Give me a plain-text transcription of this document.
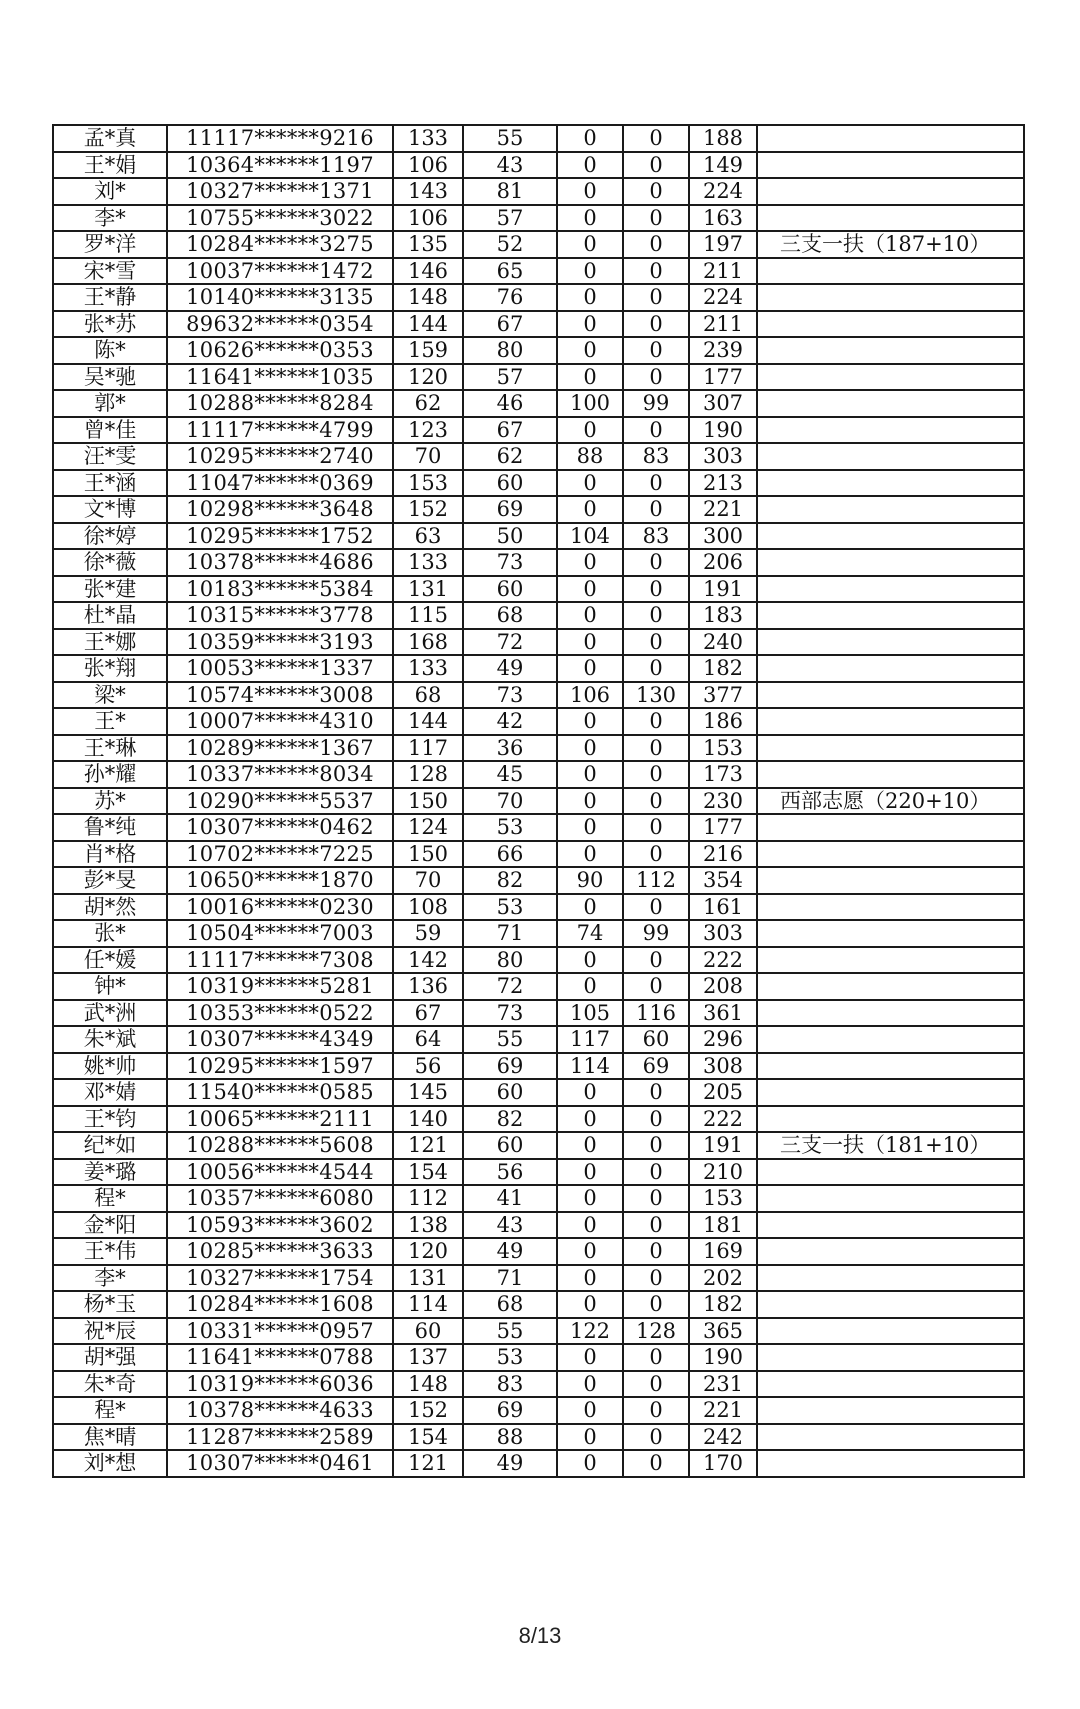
孟*真	11117******9216	133	55	0	0	188	
王*娟	10364******1197	106	43	0	0	149	
刘*	10327******1371	143	81	0	0	224	
李*	10755******3022	106	57	0	0	163	
罗*洋	10284******3275	135	52	0	0	197	三支一扶（187+10）
宋*雪	10037******1472	146	65	0	0	211	
王*静	10140******3135	148	76	0	0	224	
张*苏	89632******0354	144	67	0	0	211	
陈*	10626******0353	159	80	0	0	239	
吴*驰	11641******1035	120	57	0	0	177	
郭*	10288******8284	62	46	100	99	307	
曾*佳	11117******4799	123	67	0	0	190	
汪*雯	10295******2740	70	62	88	83	303	
王*涵	11047******0369	153	60	0	0	213	
文*博	10298******3648	152	69	0	0	221	
徐*婷	10295******1752	63	50	104	83	300	
徐*薇	10378******4686	133	73	0	0	206	
张*建	10183******5384	131	60	0	0	191	
杜*晶	10315******3778	115	68	0	0	183	
王*娜	10359******3193	168	72	0	0	240	
张*翔	10053******1337	133	49	0	0	182	
梁*	10574******3008	68	73	106	130	377	
王*	10007******4310	144	42	0	0	186	
王*琳	10289******1367	117	36	0	0	153	
孙*耀	10337******8034	128	45	0	0	173	
苏*	10290******5537	150	70	0	0	230	西部志愿（220+10）
鲁*纯	10307******0462	124	53	0	0	177	
肖*格	10702******7225	150	66	0	0	216	
彭*旻	10650******1870	70	82	90	112	354	
胡*然	10016******0230	108	53	0	0	161	
张*	10504******7003	59	71	74	99	303	
任*媛	11117******7308	142	80	0	0	222	
钟*	10319******5281	136	72	0	0	208	
武*洲	10353******0522	67	73	105	116	361	
朱*斌	10307******4349	64	55	117	60	296	
姚*帅	10295******1597	56	69	114	69	308	
邓*婧	11540******0585	145	60	0	0	205	
王*钧	10065******2111	140	82	0	0	222	
纪*如	10288******5608	121	60	0	0	191	三支一扶（181+10）
姜*璐	10056******4544	154	56	0	0	210	
程*	10357******6080	112	41	0	0	153	
金*阳	10593******3602	138	43	0	0	181	
王*伟	10285******3633	120	49	0	0	169	
李*	10327******1754	131	71	0	0	202	
杨*玉	10284******1608	114	68	0	0	182	
祝*辰	10331******0957	60	55	122	128	365	
胡*强	11641******0788	137	53	0	0	190	
朱*奇	10319******6036	148	83	0	0	231	
程*	10378******4633	152	69	0	0	221	
焦*晴	11287******2589	154	88	0	0	242	
刘*想	10307******0461	121	49	0	0	170	
8/13
